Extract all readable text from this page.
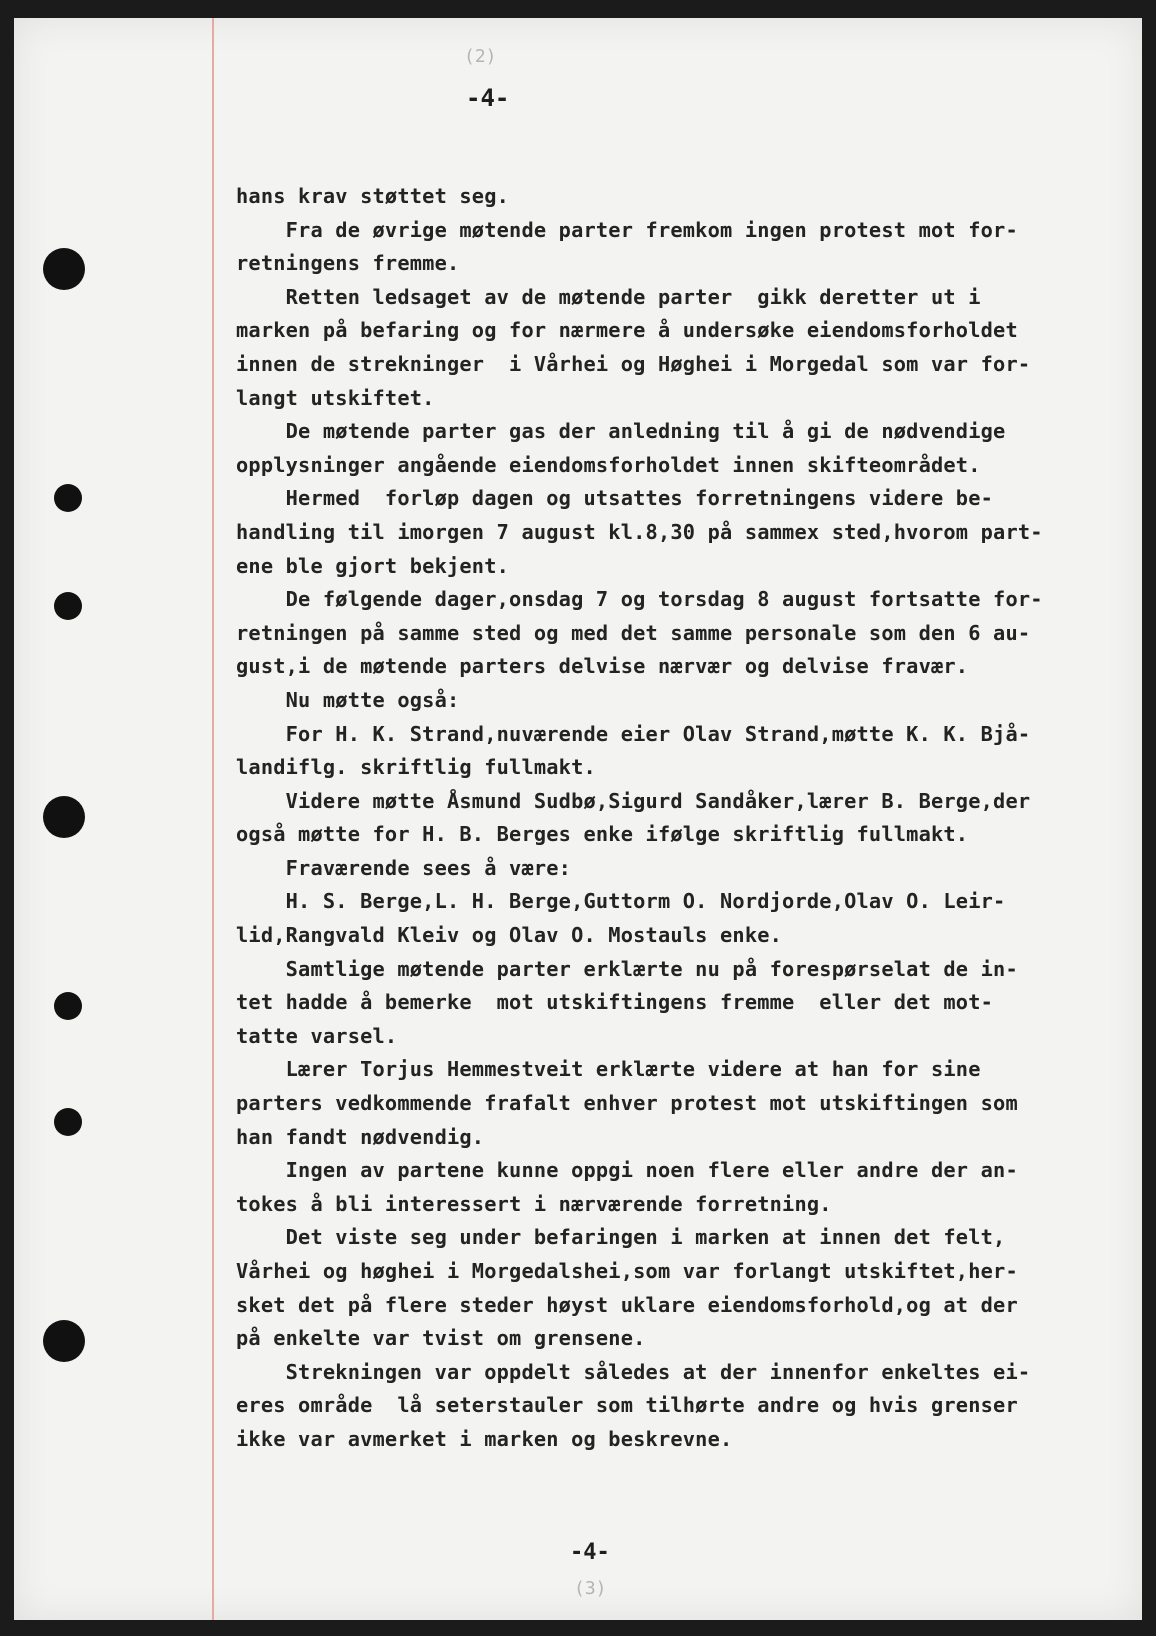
(2)
-4-
hans krav støttet seg.
Fra de øvrige møtende parter fremkom ingen protest mot for-
retningens fremme.
Retten ledsaget av de møtende parter  gikk deretter ut i
marken på befaring og for nærmere å undersøke eiendomsforholdet
innen de strekninger  i Vårhei og Høghei i Morgedal som var for-
langt utskiftet.
De møtende parter gas der anledning til å gi de nødvendige
opplysninger angående eiendomsforholdet innen skifteområdet.
Hermed  forløp dagen og utsattes forretningens videre be-
handling til imorgen 7 august kl.8,30 på sammex sted,hvorom part-
ene ble gjort bekjent.
De følgende dager,onsdag 7 og torsdag 8 august fortsatte for-
retningen på samme sted og med det samme personale som den 6 au-
gust,i de møtende parters delvise nærvær og delvise fravær.
Nu møtte også:
For H. K. Strand,nuværende eier Olav Strand,møtte K. K. Bjå-
landiflg. skriftlig fullmakt.
Videre møtte Åsmund Sudbø,Sigurd Sandåker,lærer B. Berge,der
også møtte for H. B. Berges enke ifølge skriftlig fullmakt.
Fraværende sees å være:
H. S. Berge,L. H. Berge,Guttorm O. Nordjorde,Olav O. Leir-
lid,Rangvald Kleiv og Olav O. Mostauls enke.
Samtlige møtende parter erklærte nu på forespørselat de in-
tet hadde å bemerke  mot utskiftingens fremme  eller det mot-
tatte varsel.
Lærer Torjus Hemmestveit erklærte videre at han for sine
parters vedkommende frafalt enhver protest mot utskiftingen som
han fandt nødvendig.
Ingen av partene kunne oppgi noen flere eller andre der an-
tokes å bli interessert i nærværende forretning.
Det viste seg under befaringen i marken at innen det felt,
Vårhei og høghei i Morgedalshei,som var forlangt utskiftet,her-
sket det på flere steder høyst uklare eiendomsforhold,og at der
på enkelte var tvist om grensene.
Strekningen var oppdelt således at der innenfor enkeltes ei-
eres område  lå seterstauler som tilhørte andre og hvis grenser
ikke var avmerket i marken og beskrevne.
-4-
(3)
